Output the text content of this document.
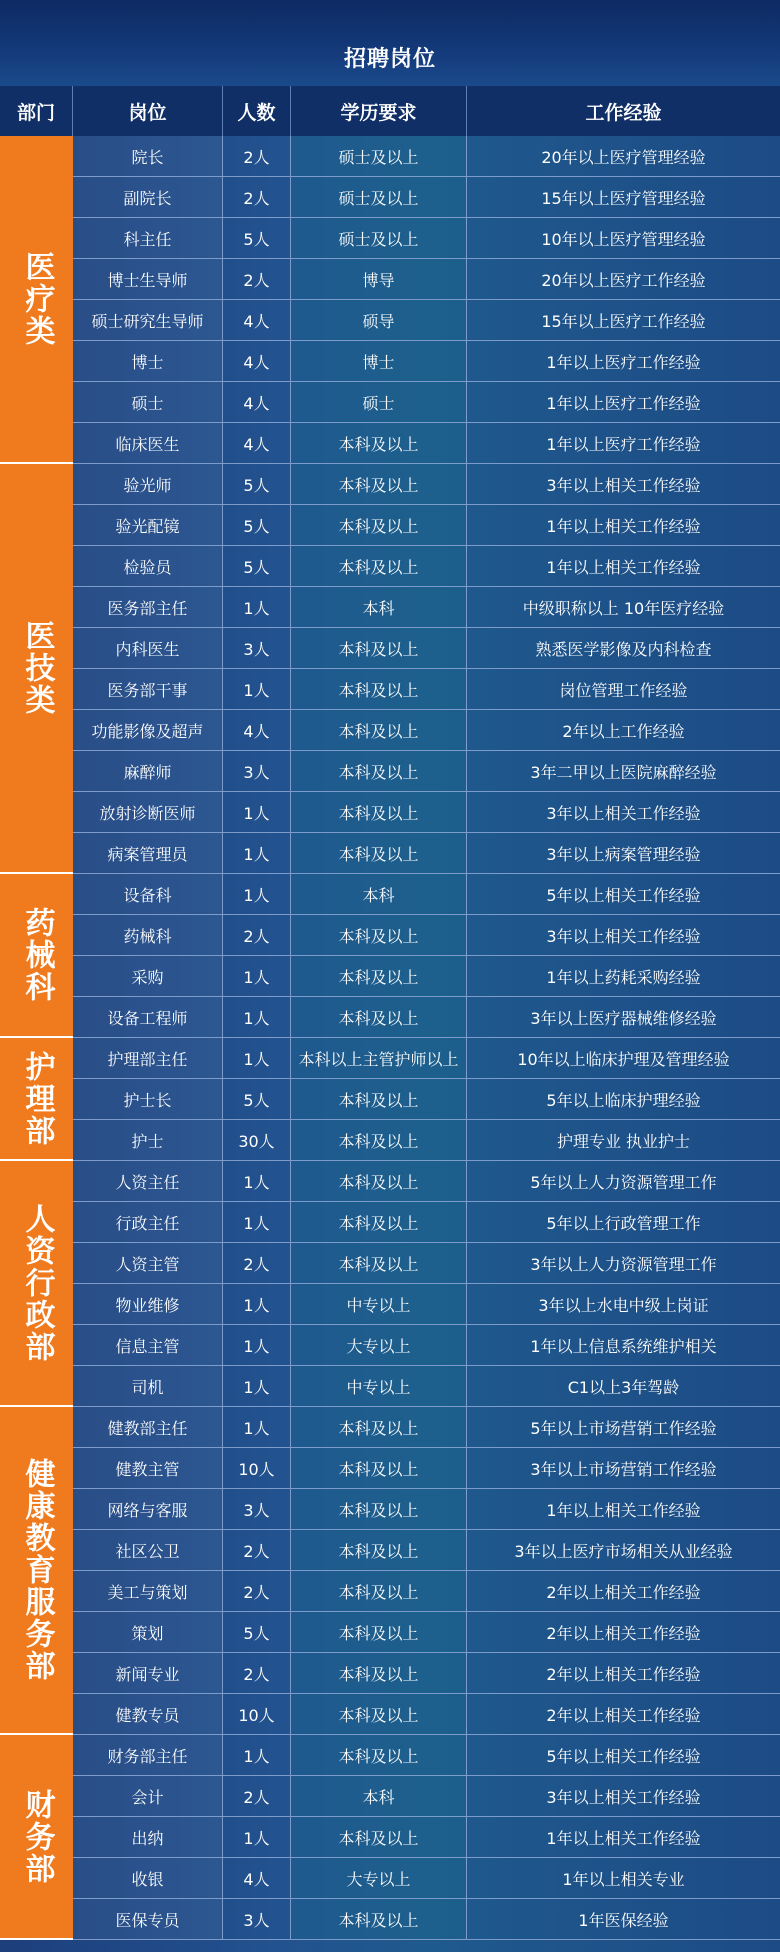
招聘岗位
部门	岗位	人数	学历要求	工作经验
医疗类
院长	2人	硕士及以上	20年以上医疗管理经验
副院长	2人	硕士及以上	15年以上医疗管理经验
科主任	5人	硕士及以上	10年以上医疗管理经验
博士生导师	2人	博导	20年以上医疗工作经验
硕士研究生导师	4人	硕导	15年以上医疗工作经验
博士	4人	博士	1年以上医疗工作经验
硕士	4人	硕士	1年以上医疗工作经验
临床医生	4人	本科及以上	1年以上医疗工作经验
医技类
验光师	5人	本科及以上	3年以上相关工作经验
验光配镜	5人	本科及以上	1年以上相关工作经验
检验员	5人	本科及以上	1年以上相关工作经验
医务部主任	1人	本科	中级职称以上 10年医疗经验
内科医生	3人	本科及以上	熟悉医学影像及内科检查
医务部干事	1人	本科及以上	岗位管理工作经验
功能影像及超声	4人	本科及以上	2年以上工作经验
麻醉师	3人	本科及以上	3年二甲以上医院麻醉经验
放射诊断医师	1人	本科及以上	3年以上相关工作经验
病案管理员	1人	本科及以上	3年以上病案管理经验
药械科
设备科	1人	本科	5年以上相关工作经验
药械科	2人	本科及以上	3年以上相关工作经验
采购	1人	本科及以上	1年以上药耗采购经验
设备工程师	1人	本科及以上	3年以上医疗器械维修经验
护理部	护理部主任	1人	本科以上主管护师以上	10年以上临床护理及管理经验
护士长	5人	本科及以上	5年以上临床护理经验
护士	30人	本科及以上	护理专业 执业护士
人资行政部
人资主任	1人	本科及以上	5年以上人力资源管理工作
行政主任	1人	本科及以上	5年以上行政管理工作
人资主管	2人	本科及以上	3年以上人力资源管理工作
物业维修	1人	中专以上	3年以上水电中级上岗证
信息主管	1人	大专以上	1年以上信息系统维护相关
司机	1人	中专以上	C1以上3年驾龄
健康教育服务部
健教部主任	1人	本科及以上	5年以上市场营销工作经验
健教主管	10人	本科及以上	3年以上市场营销工作经验
网络与客服	3人	本科及以上	1年以上相关工作经验
社区公卫	2人	本科及以上	3年以上医疗市场相关从业经验
美工与策划	2人	本科及以上	2年以上相关工作经验
策划	5人	本科及以上	2年以上相关工作经验
新闻专业	2人	本科及以上	2年以上相关工作经验
健教专员	10人	本科及以上	2年以上相关工作经验
财务部
财务部主任	1人	本科及以上	5年以上相关工作经验
会计	2人	本科	3年以上相关工作经验
出纳	1人	本科及以上	1年以上相关工作经验
收银	4人	大专以上	1年以上相关专业
医保专员	3人	本科及以上	1年医保经验
